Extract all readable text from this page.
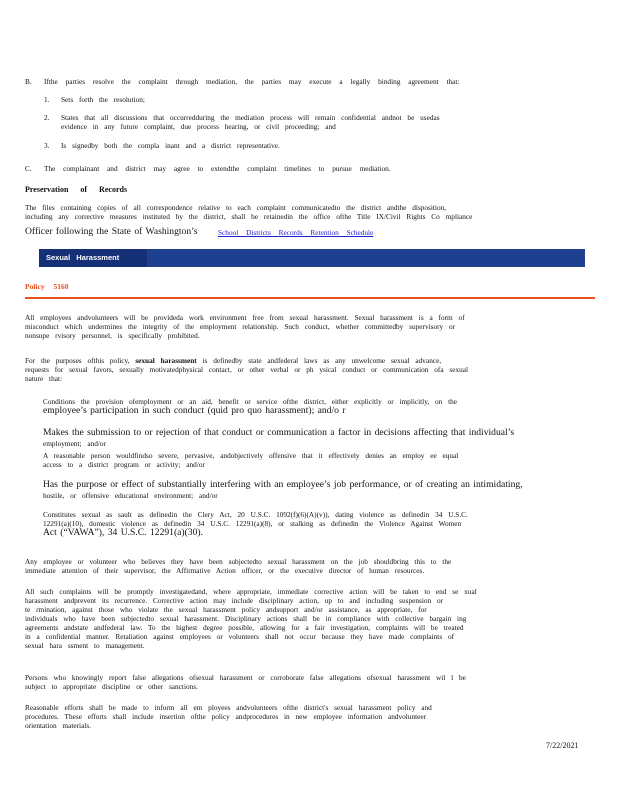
B. Ifthe parties resolve the complaint through mediation, the parties may execute a legally binding agreement that:
1. Sets forth the resolution;
2. States that all discussions that occurredduring the mediation process will remain confidential andnot be usedas
evidence in any future complaint, due process hearing, or civil proceeding; and
3. Is signedby both the compla inant and a district representative.
C. The complainant and district may agree to extendthe complaint timelines to pursue mediation.
Preservation of Records
The files containing copies of all correspondence relative to each complaint communicatedto the district andthe disposition,
including any corrective measures instituted by the district, shall be retainedin the office ofthe Title IX/Civil Rights Co mpliance
Officer following the State of Washington’s	School Districts Records Retention Schedule
Sexual Harassment
Policy 5160
All employees andvolunteers will be provideda work environment free from sexual harassment. Sexual harassment is a form of
misconduct which undermines the integrity of the employment relationship. Such conduct, whether committedby supervisory or
nonsupe rvisory personnel, is specifically prohibited.
For the purposes ofthis policy, sexual harassment is definedby state andfederal laws as any unwelcome sexual advance,
requests for sexual favors, sexually motivatedphysical contact, or other verbal or ph ysical conduct or communication ofa sexual
nature that:
Conditions the provision ofemployment or an aid, benefit or service ofthe district, either explicitly or implicitly, on the
employee’s participation in such conduct (quid pro quo harassment); and/o r
Makes the submission to or rejection of that conduct or communication a factor in decisions affecting that individual’s
employment; and/or
A reasonable person wouldfindso severe, pervasive, andobjectively offensive that it effectively denies an employ ee equal
access to a district program or activity; and/or
Has the purpose or effect of substantially interfering with an employee’s job performance, or of creating an intimidating,
hostile, or offensive educational environment; and/or
Constitutes sexual as sault as definedin the Clery Act, 20 U.S.C. 1092(f)(6)(A)(v)), dating violence as definedin 34 U.S.C.
12291(a)(10), domestic violence as definedin 34 U.S.C. 12291(a)(8), or stalking as definedin the Violence Against Women
Act (“VAWA”), 34 U.S.C. 12291(a)(30).
Any employee or volunteer who believes they have been subjectedto sexual harassment on the job shouldbring this to the
immediate attention of their supervisor, the Affirmative Action officer, or the executive director of human resources.
All such complaints will be promptly investigatedand, where appropriate, immediate corrective action will be taken to end se xual
harassment andprevent its recurrence. Corrective action may include disciplinary action, up to and including suspension or
te rmination, against those who violate the sexual harassment policy andsupport and/or assistance, as appropriate, for
individuals who have been subjectedto sexual harassment. Disciplinary actions shall be in compliance with collective bargain ing
agreements andstate andfederal law. To the highest degree possible, allowing for a fair investigation, complaints will be treated
in a confidential manner. Retaliation against employees or volunteers shall not occur because they have made complaints of
sexual hara ssment to management.
Persons who knowingly report false allegations ofsexual harassment or corroborate false allegations ofsexual harassment wil l be
subject to appropriate discipline or other sanctions.
Reasonable efforts shall be made to inform all em ployees andvolunteers ofthe district's sexual harassment policy and
procedures. These efforts shall include insertion ofthe policy andprocedures in new employee information andvolunteer
orientation materials.
7/22/2021
